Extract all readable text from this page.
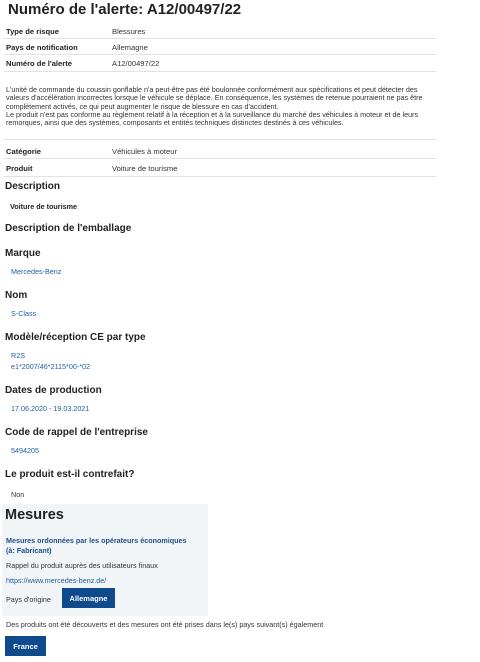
Numéro de l'alerte: A12/00497/22
Type de risque	Blessures
Pays de notification	Allemagne
Numéro de l'alerte	A12/00497/22
L'unité de commande du coussin gonflable n'a peut-être pas été boulonnée conformément aux spécifications et peut détecter des
valeurs d'accélération incorrectes lorsque le véhicule se déplace. En conséquence, les systèmes de retenue pourraient ne pas être
complètement activés, ce qui peut augmenter le risque de blessure en cas d'accident.
Le produit n'est pas conforme au règlement relatif à la réception et à la surveillance du marché des véhicules à moteur et de leurs
remorques, ainsi que des systèmes, composants et entités techniques distinctes destinés à ces véhicules.
Catégorie	Véhicules à moteur
Produit	Voiture de tourisme
Description
Voiture de tourisme
Description de l'emballage
Marque
Mercedes-Benz
Nom
S-Class
Modèle/réception CE par type
R2S
e1*2007/46*2115*00-*02
Dates de production
17.06.2020 - 19.03.2021
Code de rappel de l'entreprise
5494205
Le produit est-il contrefait?
Non
Mesures
Mesures ordonnées par les opérateurs économiques
(à: Fabricant)
Rappel du produit auprès des utilisateurs finaux
https://www.mercedes-benz.de/
Pays d'origine	Allemagne
Des produits ont été découverts et des mesures ont été prises dans le(s) pays suivant(s) également
France
